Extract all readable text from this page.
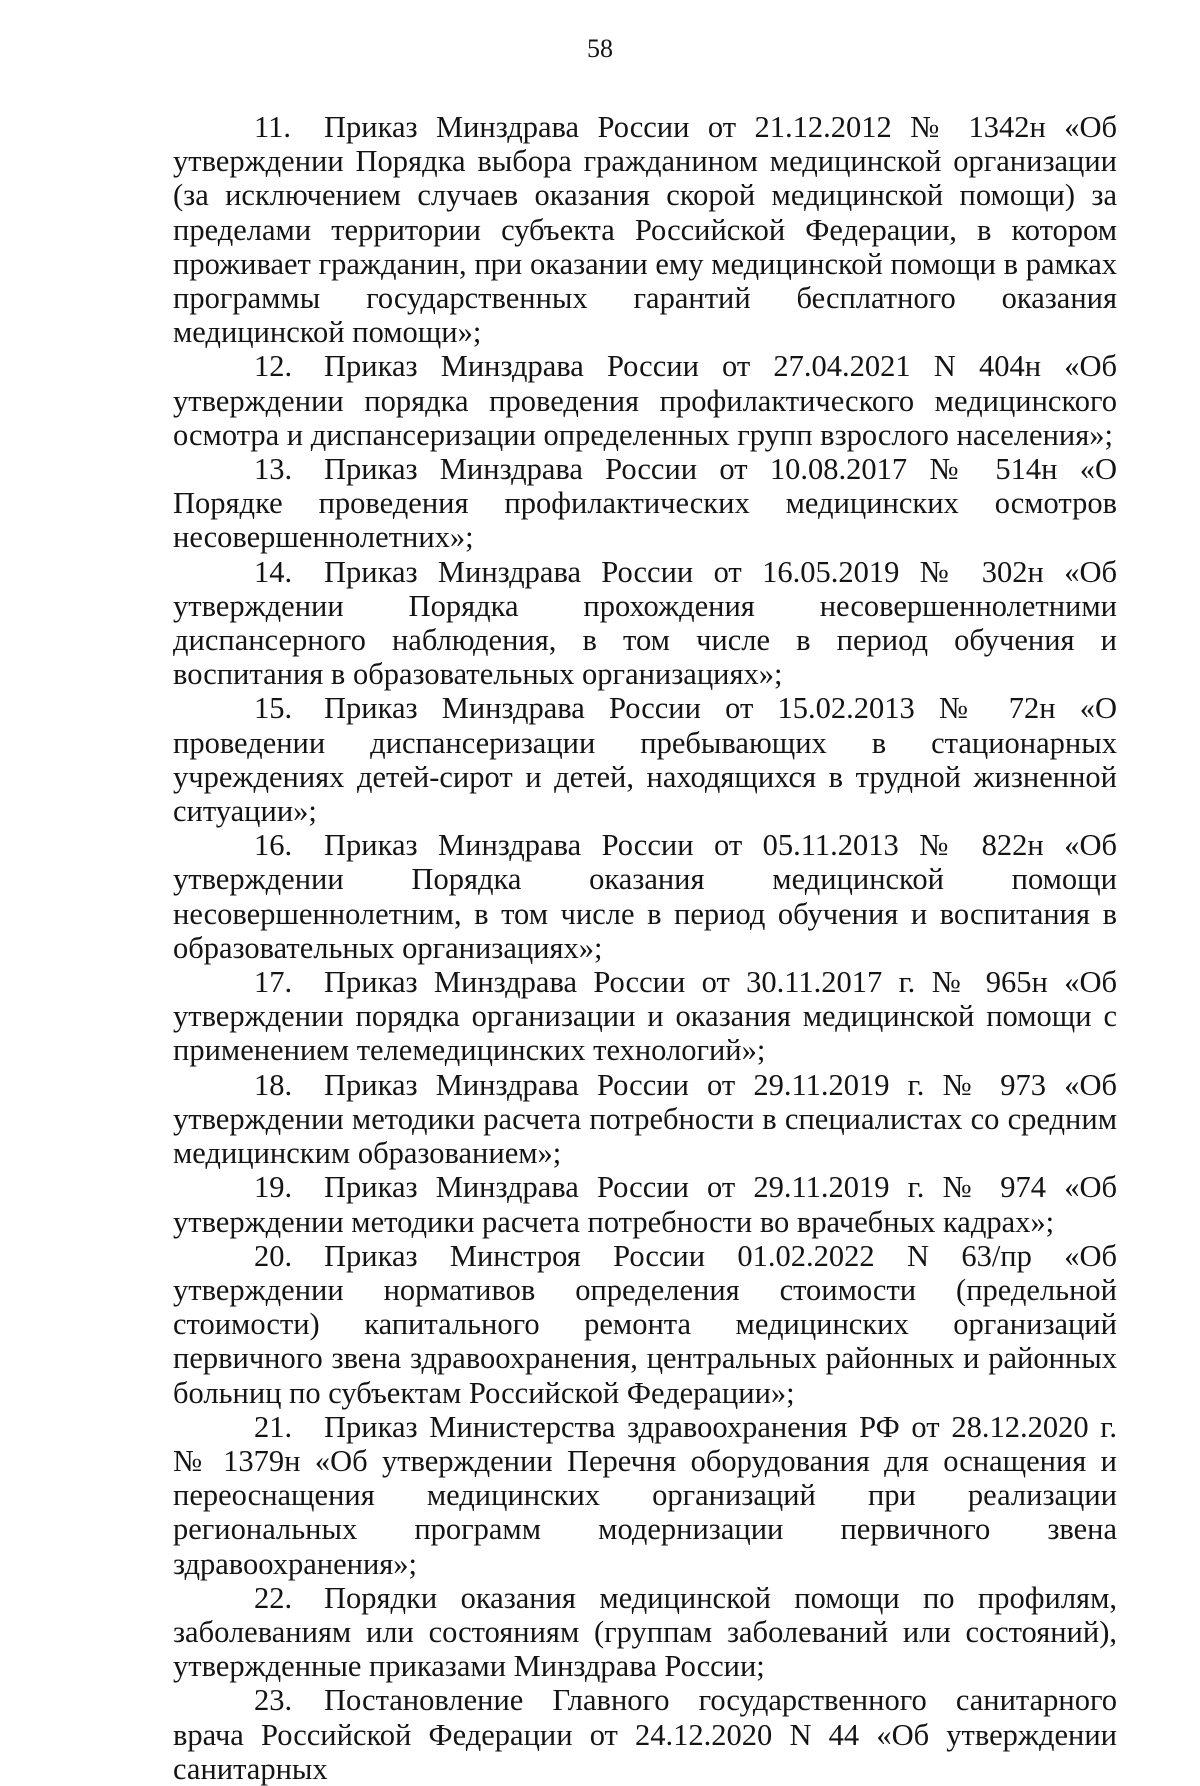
58

11. Приказ Минздрава России от 21.12.2012 № 1342н «Об утверждении Порядка выбора гражданином медицинской организации (за исключением случаев оказания скорой медицинской помощи) за пределами территории субъекта Российской Федерации, в котором проживает гражданин, при оказании ему медицинской помощи в рамках программы государственных гарантий бесплатного оказания медицинской помощи»;

12. Приказ Минздрава России от 27.04.2021 N 404н «Об утверждении порядка проведения профилактического медицинского осмотра и диспансеризации определенных групп взрослого населения»;

13. Приказ Минздрава России от 10.08.2017 № 514н «О Порядке проведения профилактических медицинских осмотров несовершеннолетних»;

14. Приказ Минздрава России от 16.05.2019 № 302н «Об утверждении Порядка прохождения несовершеннолетними диспансерного наблюдения, в том числе в период обучения и воспитания в образовательных организациях»;

15. Приказ Минздрава России от 15.02.2013 № 72н «О проведении диспансеризации пребывающих в стационарных учреждениях детей-сирот и детей, находящихся в трудной жизненной ситуации»;

16. Приказ Минздрава России от 05.11.2013 № 822н «Об утверждении Порядка оказания медицинской помощи несовершеннолетним, в том числе в период обучения и воспитания в образовательных организациях»;

17. Приказ Минздрава России от 30.11.2017 г. № 965н «Об утверждении порядка организации и оказания медицинской помощи с применением телемедицинских технологий»;

18. Приказ Минздрава России от 29.11.2019 г. № 973 «Об утверждении методики расчета потребности в специалистах со средним медицинским образованием»;

19. Приказ Минздрава России от 29.11.2019 г. № 974 «Об утверждении методики расчета потребности во врачебных кадрах»;

20. Приказ Минстроя России 01.02.2022 N 63/пр «Об утверждении нормативов определения стоимости (предельной стоимости) капитального ремонта медицинских организаций первичного звена здравоохранения, центральных районных и районных больниц по субъектам Российской Федерации»;

21. Приказ Министерства здравоохранения РФ от 28.12.2020 г. № 1379н «Об утверждении Перечня оборудования для оснащения и переоснащения медицинских организаций при реализации региональных программ модернизации первичного звена здравоохранения»;

22. Порядки оказания медицинской помощи по профилям, заболеваниям или состояниям (группам заболеваний или состояний), утвержденные приказами Минздрава России;

23. Постановление Главного государственного санитарного врача Российской Федерации от 24.12.2020 N 44 «Об утверждении санитарных
